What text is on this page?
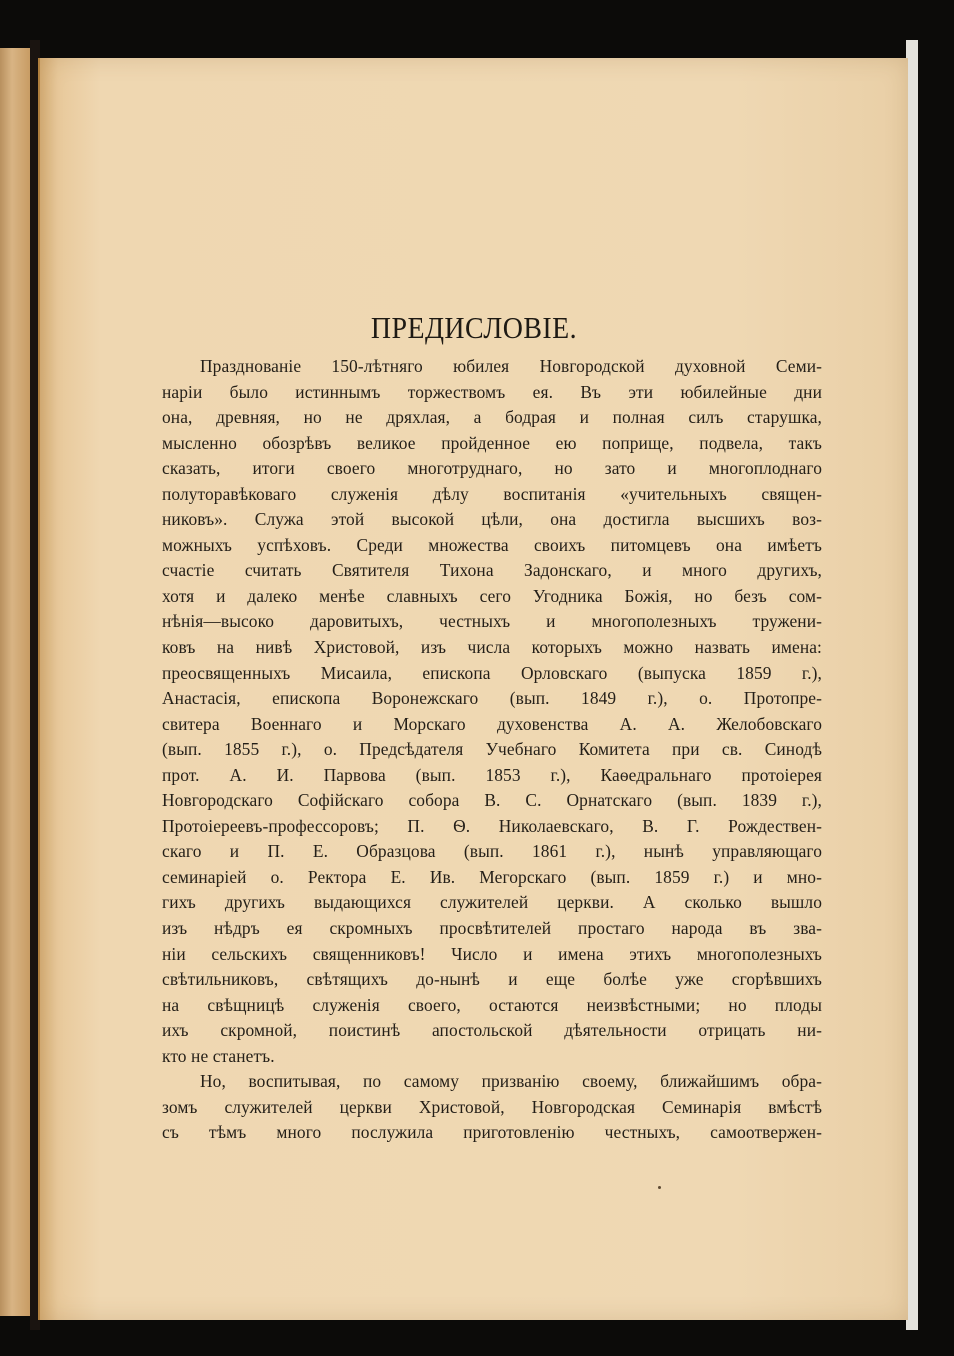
ПРЕДИСЛОВІЕ.
Празднованіе 150-лѣтняго юбилея Новгородской духовной Семи-
наріи было истиннымъ торжествомъ ея. Въ эти юбилейные дни
она, древняя, но не дряхлая, а бодрая и полная силъ старушка,
мысленно обозрѣвъ великое пройденное ею поприще, подвела, такъ
сказать, итоги своего многотруднаго, но зато и многоплоднаго
полуторавѣковаго служенія дѣлу воспитанія «учительныхъ священ-
никовъ». Служа этой высокой цѣли, она достигла высшихъ воз-
можныхъ успѣховъ. Среди множества своихъ питомцевъ она имѣетъ
счастіе считать Святителя Тихона Задонскаго, и много другихъ,
хотя и далеко менѣе славныхъ сего Угодника Божія, но безъ сом-
нѣнія—высоко даровитыхъ, честныхъ и многополезныхъ тружени-
ковъ на нивѣ Христовой, изъ числа которыхъ можно назвать имена:
преосвященныхъ Мисаила, епископа Орловскаго (выпуска 1859 г.),
Анастасія, епископа Воронежскаго (вып. 1849 г.), о. Протопре-
свитера Военнаго и Морскаго духовенства А. А. Желобовскаго
(вып. 1855 г.), о. Предсѣдателя Учебнаго Комитета при св. Синодѣ
прот. А. И. Парвова (вып. 1853 г.), Каѳедральнаго протоіерея
Новгородскаго Софійскаго собора В. С. Орнатскаго (вып. 1839 г.),
Протоіереевъ-профессоровъ; П. Ѳ. Николаевскаго, В. Г. Рождествен-
скаго и П. Е. Образцова (вып. 1861 г.), нынѣ управляющаго
семинаріей о. Ректора Е. Ив. Мегорскаго (вып. 1859 г.) и мно-
гихъ другихъ выдающихся служителей церкви. А сколько вышло
изъ нѣдръ ея скромныхъ просвѣтителей простаго народа въ зва-
ніи сельскихъ священниковъ! Число и имена этихъ многополезныхъ
свѣтильниковъ, свѣтящихъ до-нынѣ и еще болѣе уже сгорѣвшихъ
на свѣщницѣ служенія своего, остаются неизвѣстными; но плоды
ихъ скромной, поистинѣ апостольской дѣятельности отрицать ни-
кто не станетъ.
Но, воспитывая, по самому призванію своему, ближайшимъ обра-
зомъ служителей церкви Христовой, Новгородская Семинарія вмѣстѣ
съ тѣмъ много послужила приготовленію честныхъ, самоотвержен-
